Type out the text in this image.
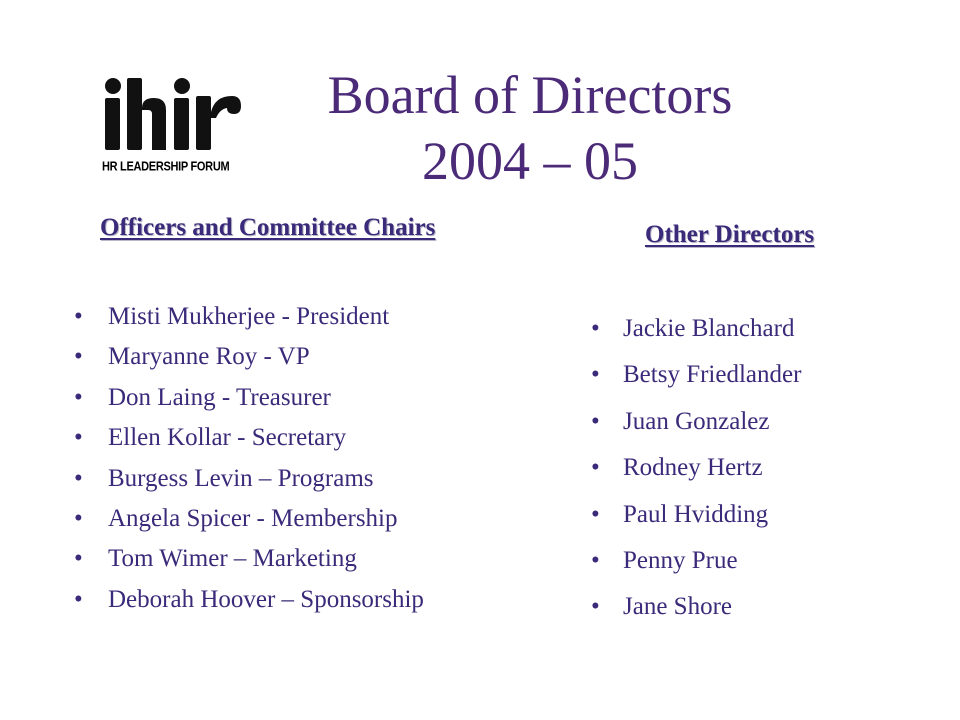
HR LEADERSHIP FORUM
Board of Directors
2004 – 05
Officers and Committee Chairs	Other Directors
• Misti Mukherjee - President
• Maryanne Roy - VP
• Don Laing - Treasurer
• Ellen Kollar - Secretary
• Burgess Levin – Programs
• Angela Spicer - Membership
• Tom Wimer – Marketing
• Deborah Hoover – Sponsorship
• Jackie Blanchard
• Betsy Friedlander
• Juan Gonzalez
• Rodney Hertz
• Paul Hvidding
• Penny Prue
• Jane Shore
